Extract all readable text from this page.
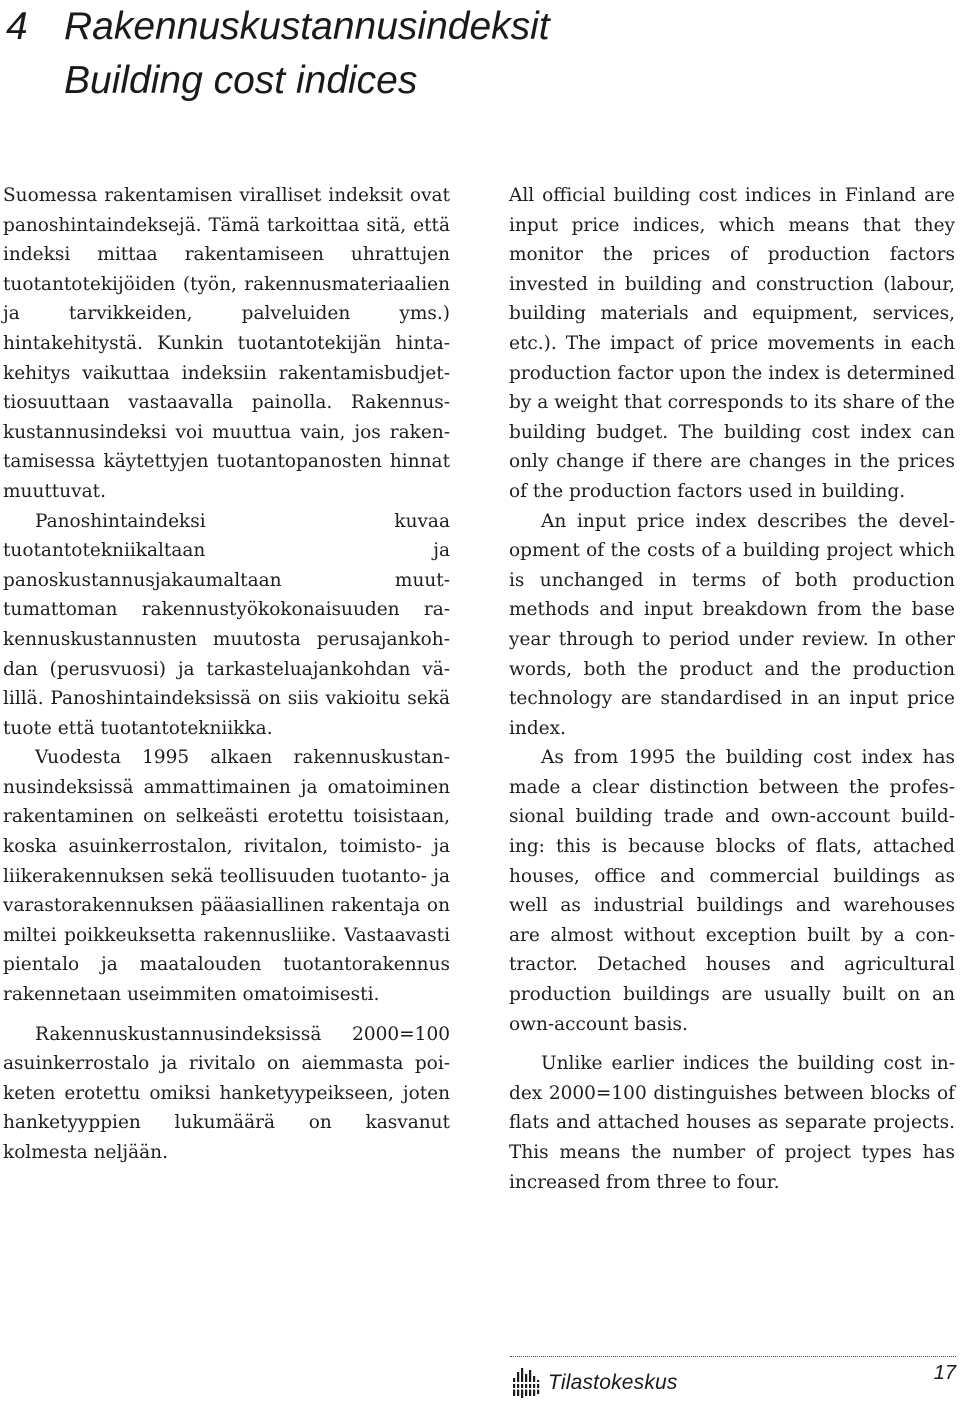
4 Rakennuskustannusindeksit
Building cost indices

Suomessa rakentamisen viralliset indeksit ovat panoshintaindeksejä. Tämä tarkoittaa sitä, että indeksi mittaa rakentamiseen uhrattujen tuotantotekijöiden (työn, rakennusmateriaalien ja tarvikkeiden, palveluiden yms.) hintakehitystä. Kunkin tuotantotekijän hintakehitys vaikuttaa indeksiin rakentamisbudjettiosuuttaan vastaavalla painolla. Rakennuskustannusindeksi voi muuttua vain, jos rakentamisessa käytettyjen tuotantopanosten hinnat muuttuvat.

Panoshintaindeksi kuvaa tuotantotekniikaltaan ja panoskustannusjakaumaltaan muuttumattoman rakennustyökokonaisuuden rakennuskustannusten muutosta perusajankohdan (perusvuosi) ja tarkasteluajankohdan välillä. Panoshintaindeksissä on siis vakioitu sekä tuote että tuotantotekniikka.

Vuodesta 1995 alkaen rakennuskustannusindeksissä ammattimainen ja omatoiminen rakentaminen on selkeästi erotettu toisistaan, koska asuinkerrostalon, rivitalon, toimisto- ja liikerakennuksen sekä teollisuuden tuotanto- ja varastorakennuksen pääasiallinen rakentaja on miltei poikkeuksetta rakennusliike. Vastaavasti pientalo ja maatalouden tuotantorakennus rakennetaan useimmiten omatoimisesti.

Rakennuskustannusindeksissä 2000=100 asuinkerrostalo ja rivitalo on aiemmasta poiketen erotettu omiksi hanketyypeikseen, joten hanketyyppien lukumäärä on kasvanut kolmesta neljään.

All official building cost indices in Finland are input price indices, which means that they monitor the prices of production factors invested in building and construction (labour, building materials and equipment, services, etc.). The impact of price movements in each production factor upon the index is determined by a weight that corresponds to its share of the building budget. The building cost index can only change if there are changes in the prices of the production factors used in building.

An input price index describes the development of the costs of a building project which is unchanged in terms of both production methods and input breakdown from the base year through to period under review. In other words, both the product and the production technology are standardised in an input price index.

As from 1995 the building cost index has made a clear distinction between the professional building trade and own-account building: this is because blocks of flats, attached houses, office and commercial buildings as well as industrial buildings and warehouses are almost without exception built by a contractor. Detached houses and agricultural production buildings are usually built on an own-account basis.

Unlike earlier indices the building cost index 2000=100 distinguishes between blocks of flats and attached houses as separate projects. This means the number of project types has increased from three to four.

Tilastokeskus	17
